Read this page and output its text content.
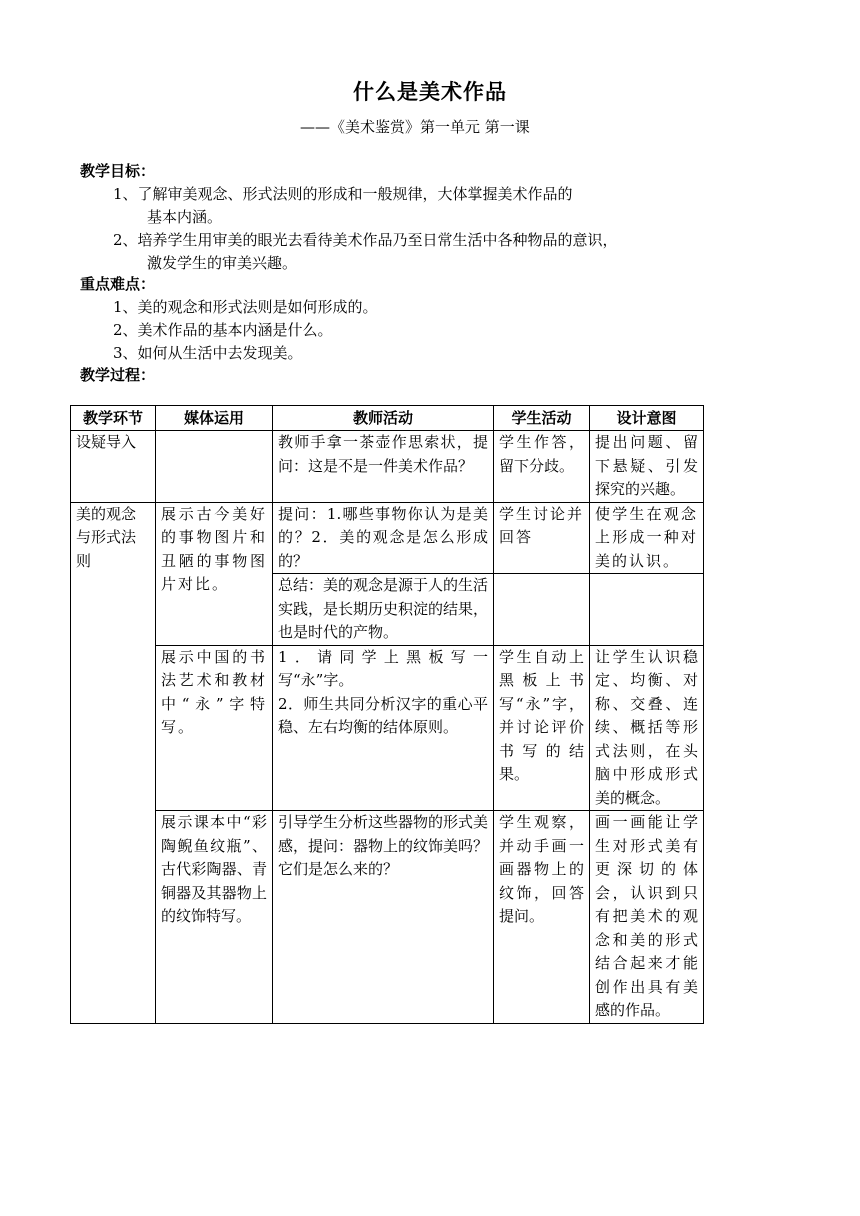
什么是美术作品
——《美术鉴赏》第一单元 第一课
教学目标：
1、了解审美观念、形式法则的形成和一般规律，大体掌握美术作品的
基本内涵。
2、培养学生用审美的眼光去看待美术作品乃至日常生活中各种物品的意识，
激发学生的审美兴趣。
重点难点：
1、美的观念和形式法则是如何形成的。
2、美术作品的基本内涵是什么。
3、如何从生活中去发现美。
教学过程：
教学环节	媒体运用	教师活动	学生活动	设计意图
设疑导入		教师手拿一茶壶作思索状，提问：这是不是一件美术作品？	学生作答，留下分歧。	提出问题、留下悬疑、引发探究的兴趣。
美的观念与形式法则	展示古今美好的事物图片和丑陋的事物图片对比。	提问：1.哪些事物你认为是美的？2．美的观念是怎么形成的？	学生讨论并回答	使学生在观念上形成一种对美的认识。
		总结：美的观念是源于人的生活实践，是长期历史积淀的结果，也是时代的产物。		
	展示中国的书法艺术和教材中“永”字特写。	1．请同学上黑板写一写“永”字。
2．师生共同分析汉字的重心平稳、左右均衡的结体原则。	学生自动上黑板上书写“永”字，并讨论评价书写的结果。	让学生认识稳定、均衡、对称、交叠、连续、概括等形式法则，在头脑中形成形式美的概念。
	展示课本中“彩陶鲵鱼纹瓶”、古代彩陶器、青铜器及其器物上的纹饰特写。	引导学生分析这些器物的形式美感，提问：器物上的纹饰美吗？它们是怎么来的？	学生观察，并动手画一画器物上的纹饰，回答提问。	画一画能让学生对形式美有更深切的体会，认识到只有把美术的观念和美的形式结合起来才能创作出具有美感的作品。
